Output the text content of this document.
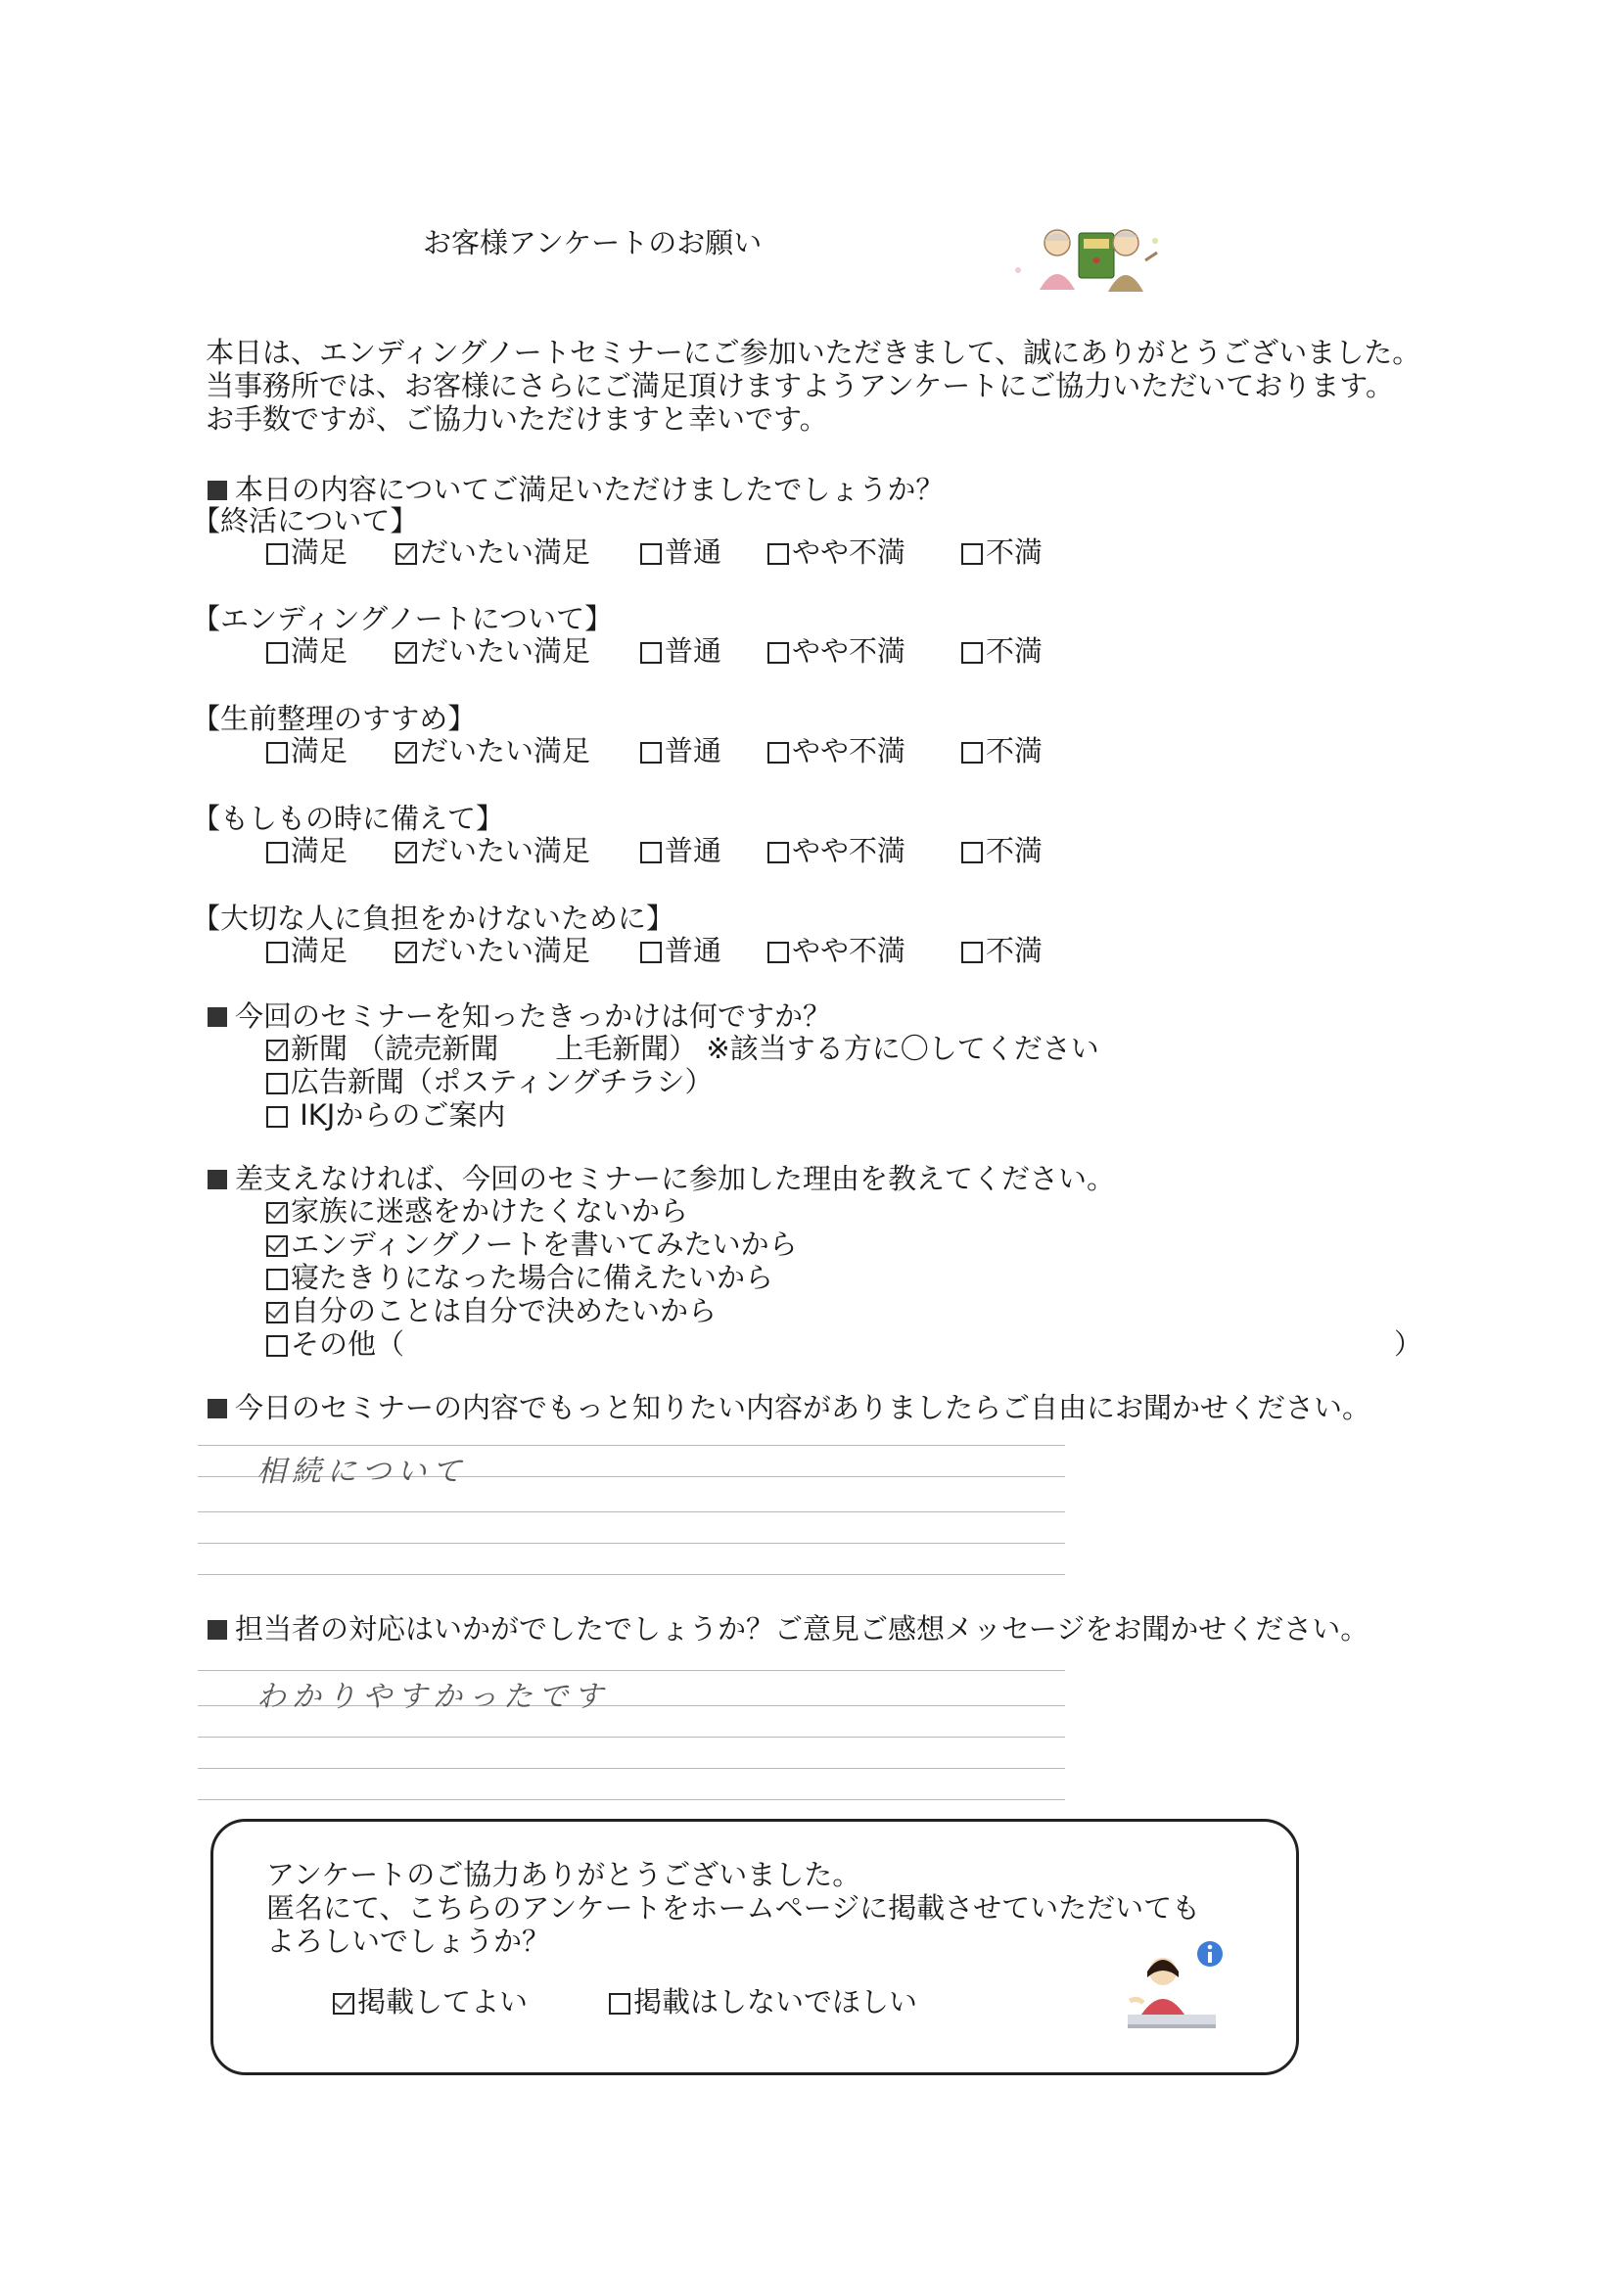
お客様アンケートのお願い
本日は、エンディングノートセミナーにご参加いただきまして、誠にありがとうございました。
当事務所では、お客様にさらにご満足頂けますようアンケートにご協力いただいております。
お手数ですが、ご協力いただけますと幸いです。
本日の内容についてご満足いただけましたでしょうか？
【終活について】
満足	だいたい満足	普通	やや不満	不満
【エンディングノートについて】
満足	だいたい満足	普通	やや不満	不満
【生前整理のすすめ】
満足	だいたい満足	普通	やや不満	不満
【もしもの時に備えて】
満足	だいたい満足	普通	やや不満	不満
【大切な人に負担をかけないために】
満足	だいたい満足	普通	やや不満	不満
今回のセミナーを知ったきっかけは何ですか？
新聞 （読売新聞　　上毛新聞） ※該当する方に〇してください
広告新聞（ポスティングチラシ）
IKJからのご案内
差支えなければ、今回のセミナーに参加した理由を教えてください。
家族に迷惑をかけたくないから
エンディングノートを書いてみたいから
寝たきりになった場合に備えたいから
自分のことは自分で決めたいから
その他（	）
今日のセミナーの内容でもっと知りたい内容がありましたらご自由にお聞かせください。
相続について
担当者の対応はいかがでしたでしょうか？ご意見ご感想メッセージをお聞かせください。
わかりやすかったです
アンケートのご協力ありがとうございました。
匿名にて、こちらのアンケートをホームページに掲載させていただいても
よろしいでしょうか？
掲載してよい	掲載はしないでほしい
